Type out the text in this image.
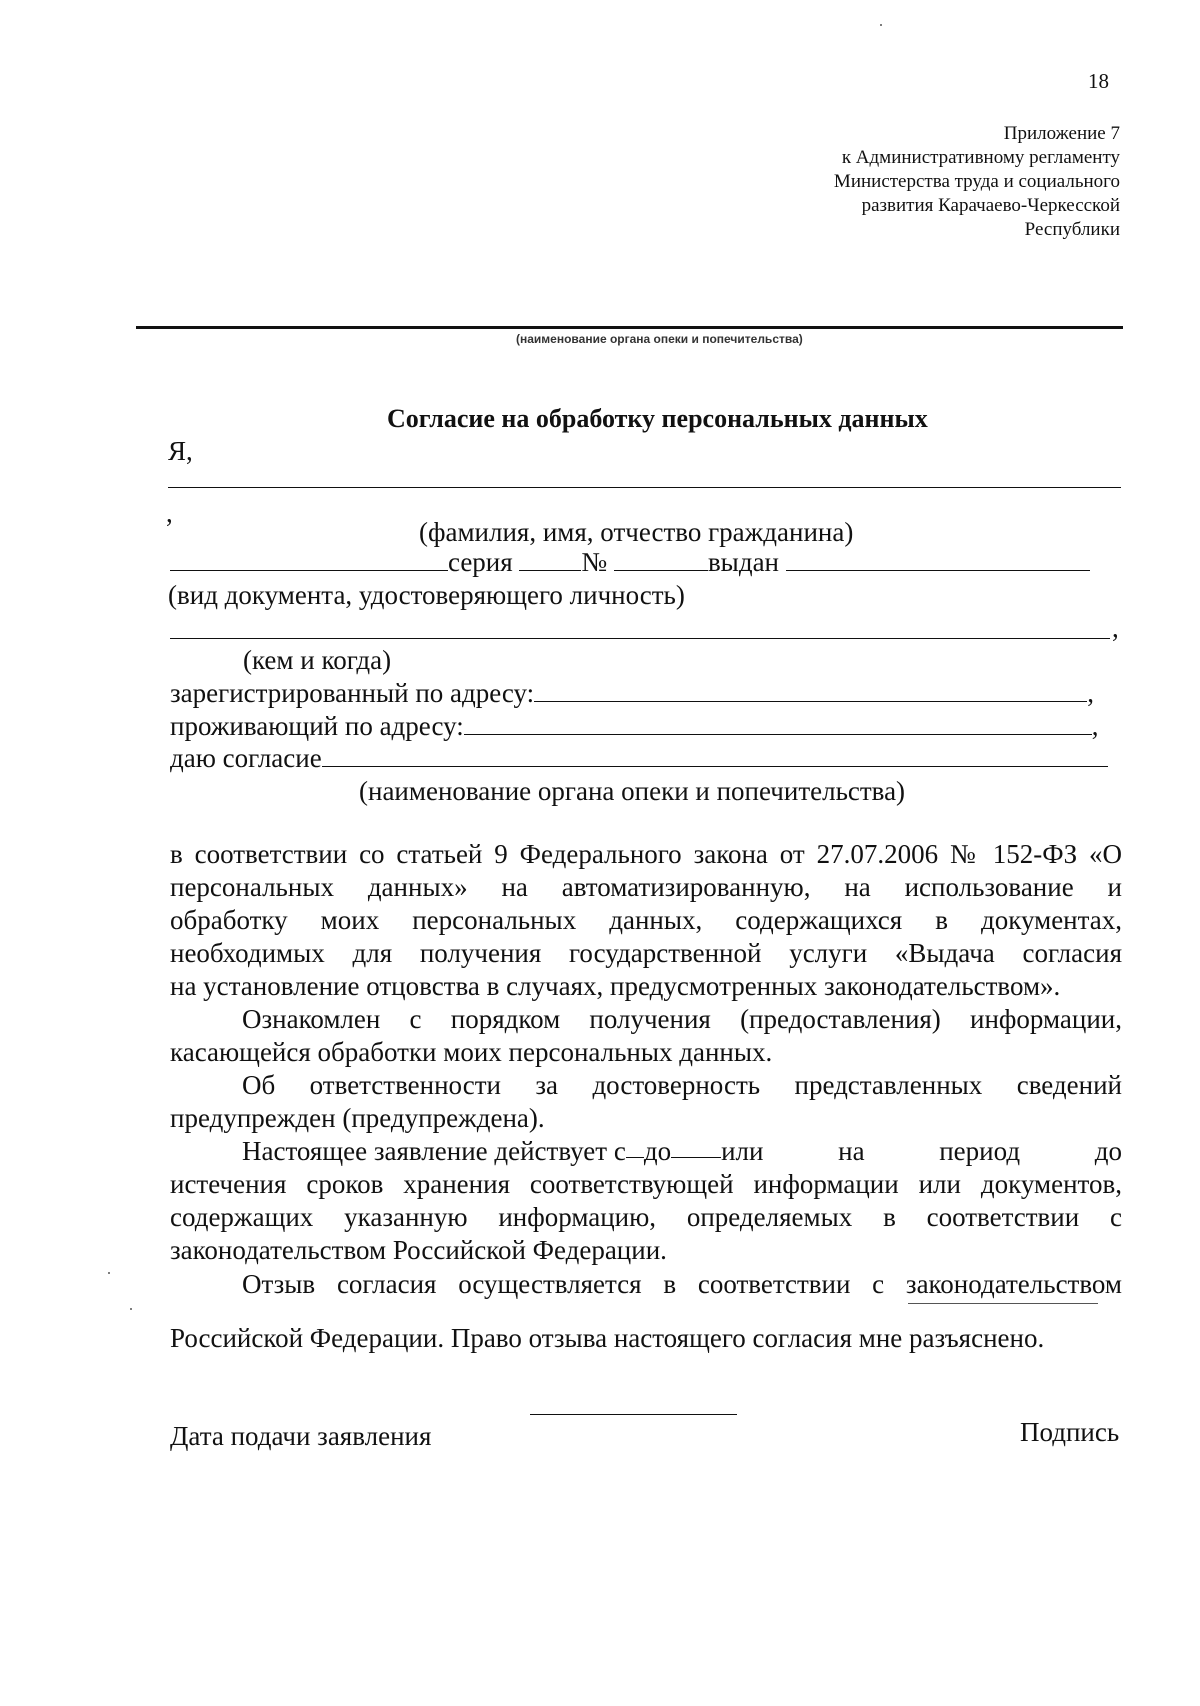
18
Приложение 7
к Административному регламенту
Министерства труда и социального
развития Карачаево-Черкесской
Республики
(наименование органа опеки и попечительства)
Согласие на обработку персональных данных
Я,
,
(фамилия, имя, отчество гражданина)
серия	№	выдан
(вид документа, удостоверяющего личность)
,
(кем и когда)
зарегистрированный по адресу:	,
проживающий по адресу:	,
даю согласие
(наименование органа опеки и попечительства)
в соответствии со статьей 9 Федерального закона от 27.07.2006 № 152-ФЗ «О
персональных данных» на автоматизированную, на использование и
обработку моих персональных данных, содержащихся в документах,
необходимых для получения государственной услуги «Выдача согласия
на установление отцовства в случаях, предусмотренных законодательством».
Ознакомлен с порядком получения (предоставления) информации,
касающейся обработки моих персональных данных.
Об ответственности за достоверность представленных сведений
предупрежден (предупреждена).
Настоящее заявление действует с до или на период до
истечения сроков хранения соответствующей информации или документов,
содержащих указанную информацию, определяемых в соответствии с
законодательством Российской Федерации.
Отзыв согласия осуществляется в соответствии с законодательством
Российской Федерации. Право отзыва настоящего согласия мне разъяснено.
Дата подачи заявления	Подпись
